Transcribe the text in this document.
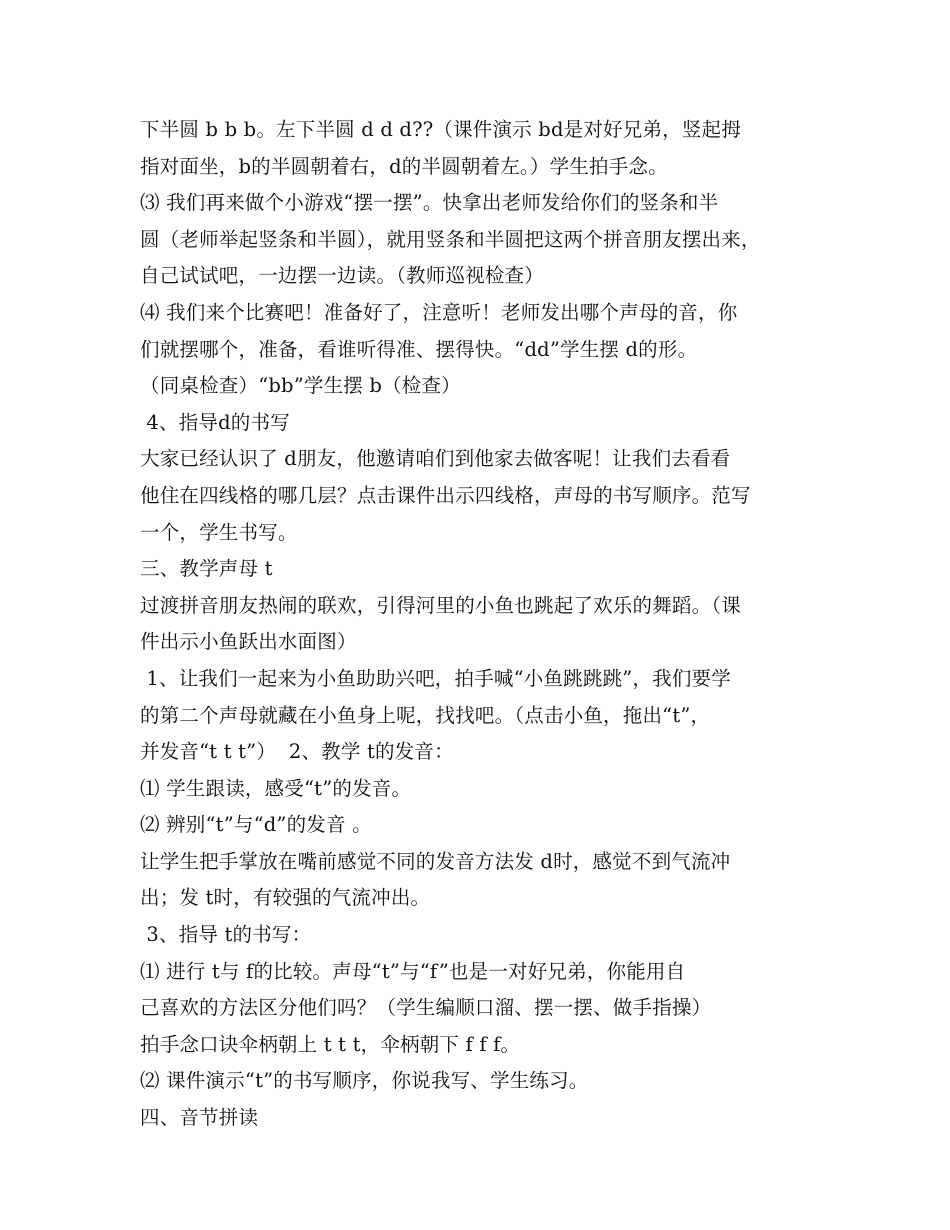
下半圆 b b b。左下半圆 d d d??（课件演示 bd是对好兄弟，竖起拇
指对面坐，b的半圆朝着右，d的半圆朝着左。）学生拍手念。
⑶ 我们再来做个小游戏“摆一摆”。快拿出老师发给你们的竖条和半
圆（老师举起竖条和半圆），就用竖条和半圆把这两个拼音朋友摆出来，
自己试试吧，一边摆一边读。（教师巡视检查）
⑷ 我们来个比赛吧！准备好了，注意听！老师发出哪个声母的音，你
们就摆哪个，准备，看谁听得准、摆得快。“dd”学生摆 d的形。
（同桌检查）“bb”学生摆 b（检查）
4、指导d的书写
大家已经认识了 d朋友，他邀请咱们到他家去做客呢！让我们去看看
他住在四线格的哪几层？点击课件出示四线格，声母的书写顺序。范写
一个，学生书写。
三、教学声母 t
过渡拼音朋友热闹的联欢，引得河里的小鱼也跳起了欢乐的舞蹈。（课
件出示小鱼跃出水面图）
1、让我们一起来为小鱼助助兴吧，拍手喊“小鱼跳跳跳”，我们要学
的第二个声母就藏在小鱼身上呢，找找吧。（点击小鱼，拖出“t”，
并发音“t t t”）  2、教学 t的发音：
⑴ 学生跟读，感受“t”的发音。
⑵ 辨别“t”与“d”的发音 。
让学生把手掌放在嘴前感觉不同的发音方法发 d时，感觉不到气流冲
出；发 t时，有较强的气流冲出。
3、指导 t的书写：
⑴ 进行 t与 f的比较。声母“t”与“f”也是一对好兄弟，你能用自
己喜欢的方法区分他们吗？（学生编顺口溜、摆一摆、做手指操）
拍手念口诀伞柄朝上 t t t，伞柄朝下 f f f。
⑵ 课件演示“t”的书写顺序，你说我写、学生练习。
四、音节拼读
